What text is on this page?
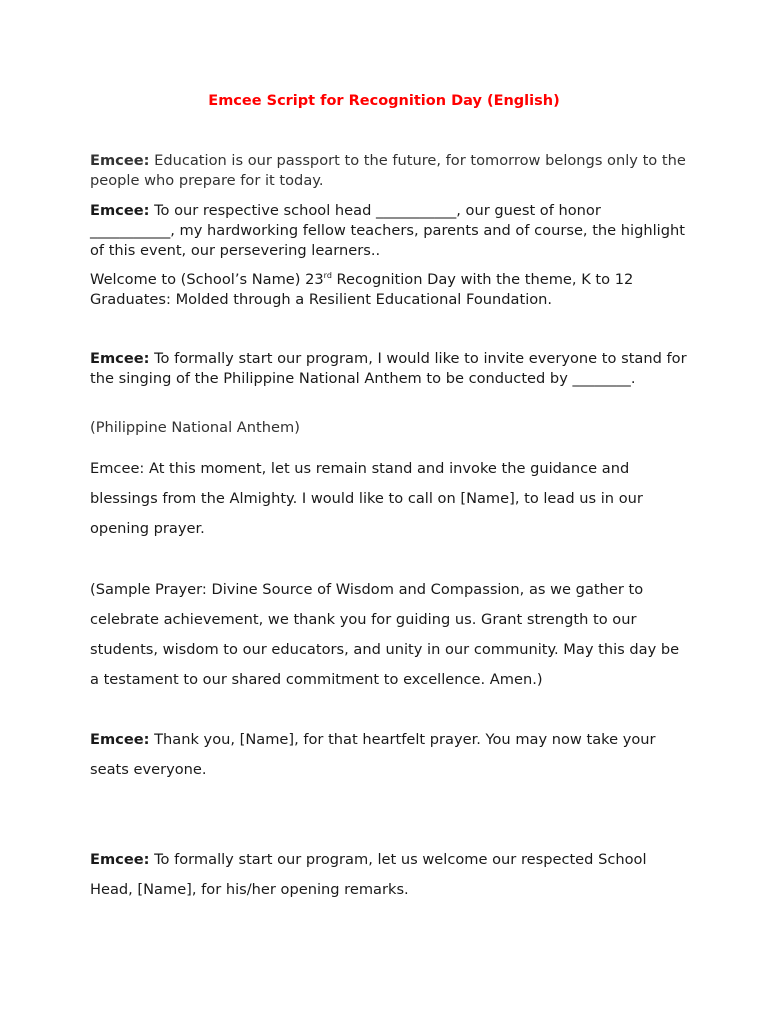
Emcee Script for Recognition Day (English)
Emcee: Education is our passport to the future, for tomorrow belongs only to the people who prepare for it today.
Emcee: To our respective school head ___________, our guest of honor ___________, my hardworking fellow teachers, parents and of course, the highlight of this event, our persevering learners..
Welcome to (School’s Name) 23rd Recognition Day with the theme, K to 12 Graduates: Molded through a Resilient Educational Foundation.
Emcee: To formally start our program, I would like to invite everyone to stand for the singing of the Philippine National Anthem to be conducted by ________.
(Philippine National Anthem)
Emcee: At this moment, let us remain stand and invoke the guidance and blessings from the Almighty. I would like to call on [Name], to lead us in our opening prayer.
(Sample Prayer: Divine Source of Wisdom and Compassion, as we gather to celebrate achievement, we thank you for guiding us. Grant strength to our students, wisdom to our educators, and unity in our community. May this day be a testament to our shared commitment to excellence. Amen.)
Emcee: Thank you, [Name], for that heartfelt prayer. You may now take your seats everyone.
Emcee: To formally start our program, let us welcome our respected School Head, [Name], for his/her opening remarks.
